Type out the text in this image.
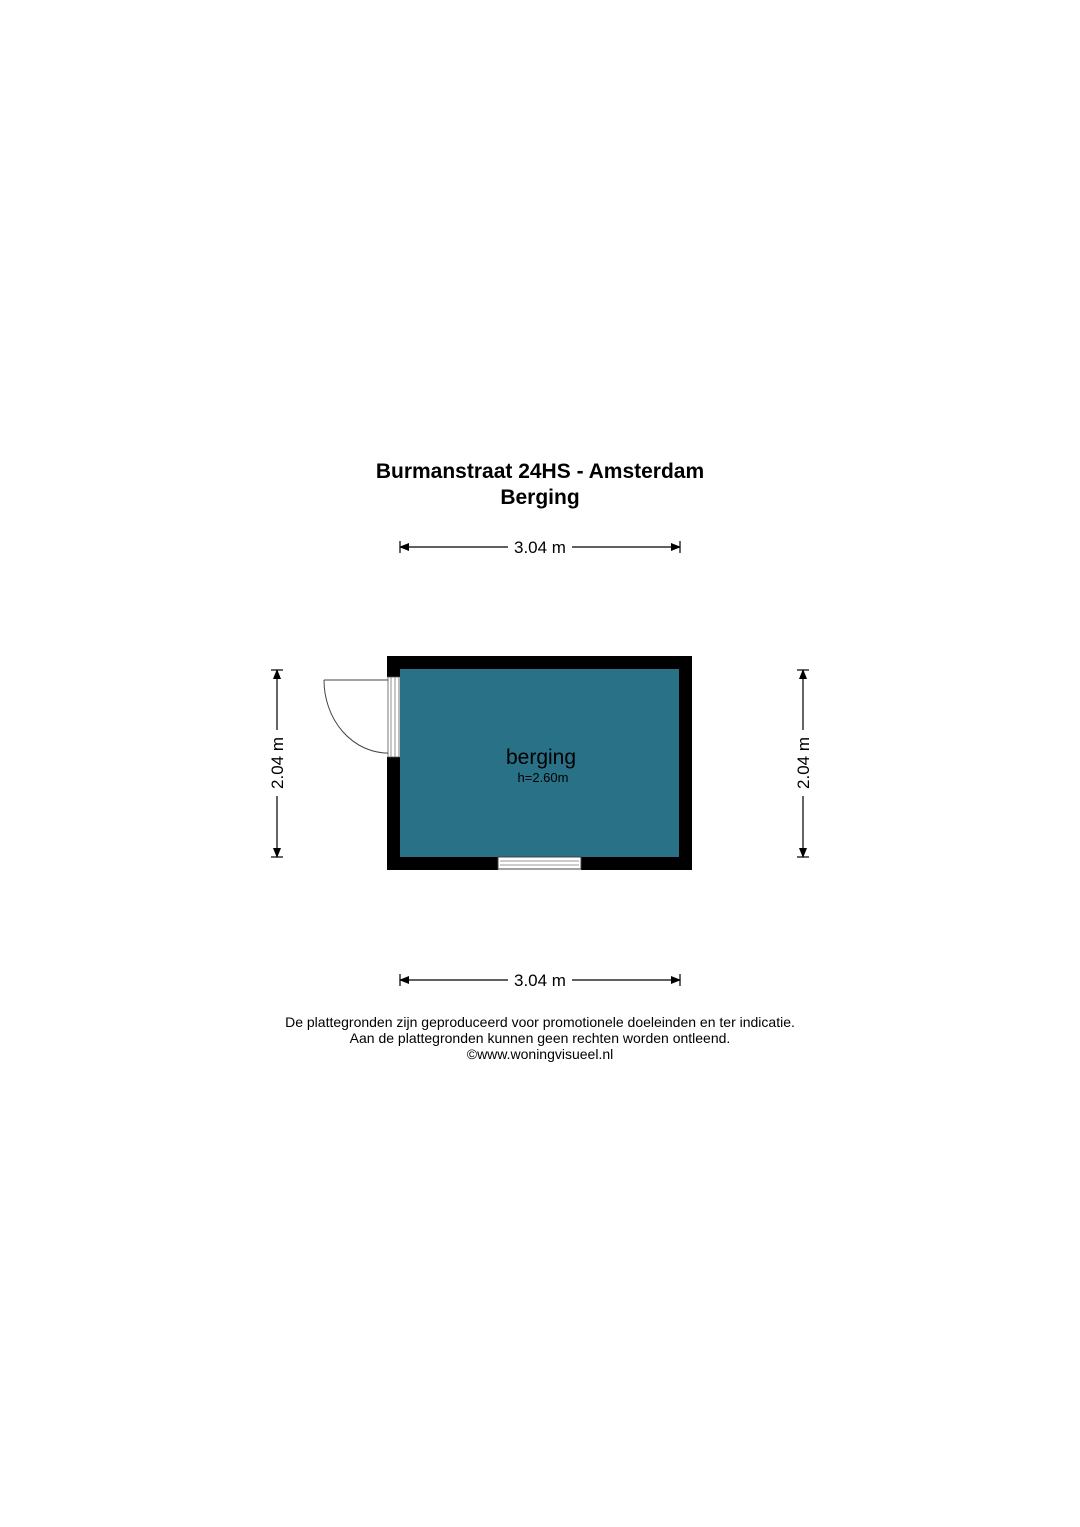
Burmanstraat 24HS - Amsterdam
Berging
3.04 m
3.04 m
2.04 m	2.04 m
berging
h=2.60m
De plattegronden zijn geproduceerd voor promotionele doeleinden en ter indicatie.
Aan de plattegronden kunnen geen rechten worden ontleend.
©www.woningvisueel.nl
